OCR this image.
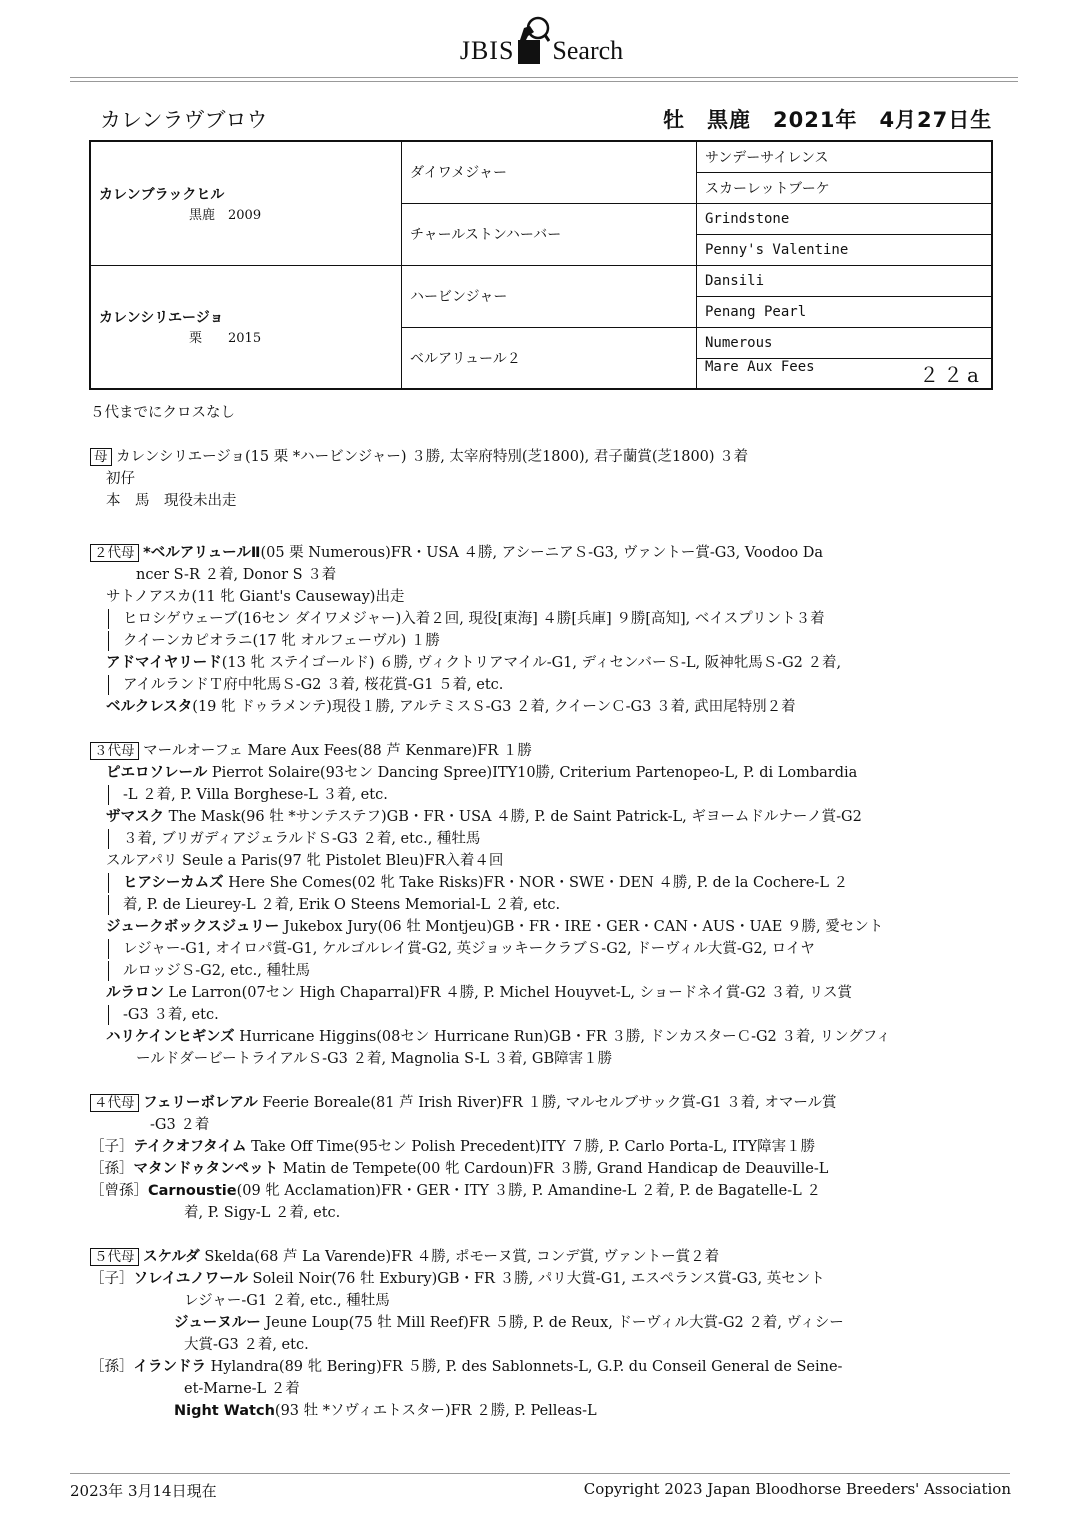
JBIS Search
カレンラヴブロウ	牡　黒鹿　2021年　4月27日生
カレンブラックヒル
黒鹿　2009	ダイワメジャー	サンデーサイレンス
		スカーレットブーケ
	チャールストンハーバー	Grindstone
		Penny's Valentine

カレンシリエージョ
栗　　2015	ハービンジャー	Dansili
		Penang Pearl
	ベルアリュール２	Numerous
		Mare Aux Fees ２２a
５代までにクロスなし
母 カレンシリエージョ(15 栗 *ハービンジャー) ３勝, 太宰府特別(芝1800), 君子蘭賞(芝1800) ３着
初仔
本　馬　現役未出走
２代母 *ベルアリュールⅡ(05 栗 Numerous)FR・USA ４勝, アシーニアＳ-G3, ヴァントー賞-G3, Voodoo Da
ncer S-R ２着, Donor S ３着
サトノアスカ(11 牝 Giant's Causeway)出走
ヒロシゲウェーブ(16セン ダイワメジャー)入着２回, 現役[東海] ４勝[兵庫] ９勝[高知], ベイスプリント３着
クイーンカピオラニ(17 牝 オルフェーヴル) １勝
アドマイヤリード(13 牝 ステイゴールド) ６勝, ヴィクトリアマイル-G1, ディセンバーＳ-L, 阪神牝馬Ｓ-G2 ２着,
アイルランドＴ府中牝馬Ｓ-G2 ３着, 桜花賞-G1 ５着, etc.
ベルクレスタ(19 牝 ドゥラメンテ)現役１勝, アルテミスＳ-G3 ２着, クイーンＣ-G3 ３着, 武田尾特別２着
３代母 マールオーフェ Mare Aux Fees(88 芦 Kenmare)FR １勝
ピエロソレール Pierrot Solaire(93セン Dancing Spree)ITY10勝, Criterium Partenopeo-L, P. di Lombardia
-L ２着, P. Villa Borghese-L ３着, etc.
ザマスク The Mask(96 牡 *サンテステフ)GB・FR・USA ４勝, P. de Saint Patrick-L, ギヨームドルナーノ賞-G2
３着, ブリガディアジェラルドＳ-G3 ２着, etc., 種牡馬
スルアパリ Seule a Paris(97 牝 Pistolet Bleu)FR入着４回
ヒアシーカムズ Here She Comes(02 牝 Take Risks)FR・NOR・SWE・DEN ４勝, P. de la Cochere-L ２
着, P. de Lieurey-L ２着, Erik O Steens Memorial-L ２着, etc.
ジュークボックスジュリー Jukebox Jury(06 牡 Montjeu)GB・FR・IRE・GER・CAN・AUS・UAE ９勝, 愛セント
レジャー-G1, オイロパ賞-G1, ケルゴルレイ賞-G2, 英ジョッキークラブＳ-G2, ドーヴィル大賞-G2, ロイヤ
ルロッジＳ-G2, etc., 種牡馬
ルラロン Le Larron(07セン High Chaparral)FR ４勝, P. Michel Houyvet-L, ショードネイ賞-G2 ３着, リス賞
-G3 ３着, etc.
ハリケインヒギンズ Hurricane Higgins(08セン Hurricane Run)GB・FR ３勝, ドンカスターＣ-G2 ３着, リングフィ
ールドダービートライアルＳ-G3 ２着, Magnolia S-L ３着, GB障害１勝
４代母 フェリーボレアル Feerie Boreale(81 芦 Irish River)FR １勝, マルセルブサック賞-G1 ３着, オマール賞
-G3 ２着
［子］テイクオフタイム Take Off Time(95セン Polish Precedent)ITY ７勝, P. Carlo Porta-L, ITY障害１勝
［孫］マタンドゥタンペット Matin de Tempete(00 牝 Cardoun)FR ３勝, Grand Handicap de Deauville-L
［曾孫］Carnoustie(09 牝 Acclamation)FR・GER・ITY ３勝, P. Amandine-L ２着, P. de Bagatelle-L ２
着, P. Sigy-L ２着, etc.
５代母 スケルダ Skelda(68 芦 La Varende)FR ４勝, ポモーヌ賞, コンデ賞, ヴァントー賞２着
［子］ソレイユノワール Soleil Noir(76 牡 Exbury)GB・FR ３勝, パリ大賞-G1, エスペランス賞-G3, 英セント
レジャー-G1 ２着, etc., 種牡馬
ジューヌルー Jeune Loup(75 牡 Mill Reef)FR ５勝, P. de Reux, ドーヴィル大賞-G2 ２着, ヴィシー
大賞-G3 ２着, etc.
［孫］イランドラ Hylandra(89 牝 Bering)FR ５勝, P. des Sablonnets-L, G.P. du Conseil General de Seine-
et-Marne-L ２着
Night Watch(93 牡 *ソヴィエトスター)FR ２勝, P. Pelleas-L
2023年 3月14日現在	Copyright 2023 Japan Bloodhorse Breeders' Association
